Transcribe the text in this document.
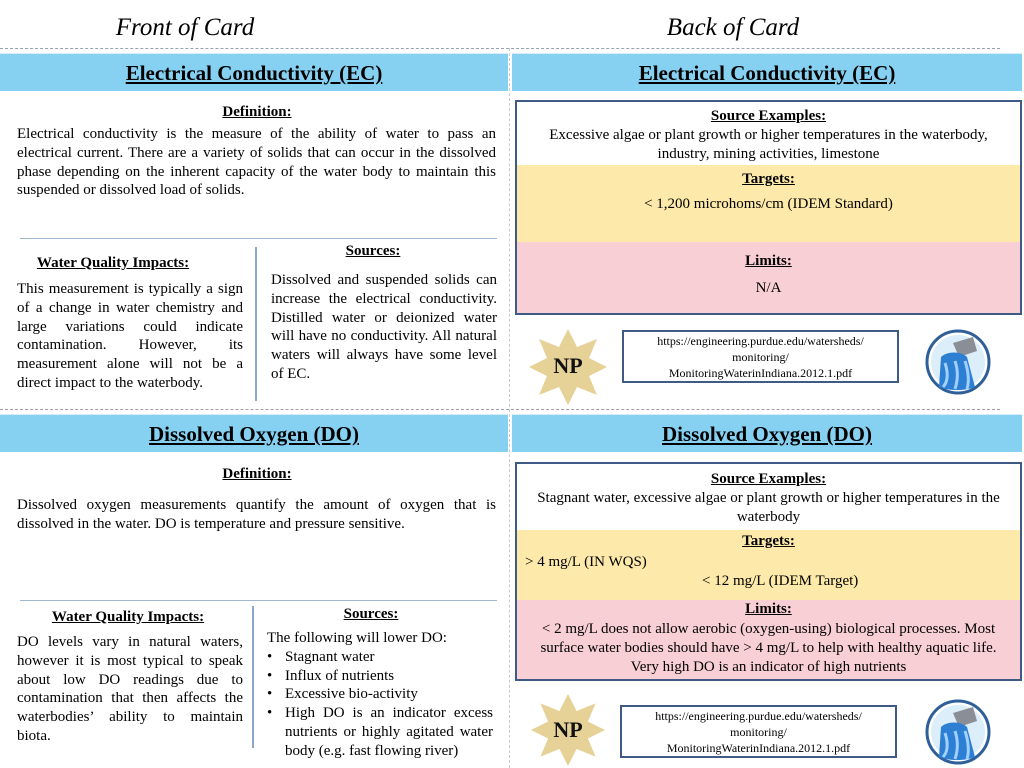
Front of Card	Back of Card
Electrical Conductivity (EC)	Electrical Conductivity (EC)
Definition:
Electrical conductivity is the measure of the ability of water to pass an electrical current. There are a variety of solids that can occur in the dissolved phase depending on the inherent capacity of the water body to maintain this suspended or dissolved load of solids.
Water Quality Impacts:
This measurement is typically a sign of a change in water chemistry and large variations could indicate contamination. However, its measurement alone will not be a direct impact to the waterbody.
Sources:
Dissolved and suspended solids can increase the electrical conductivity. Distilled water or deionized water will have no conductivity. All natural waters will always have some level of EC.
Source Examples:
Excessive algae or plant growth or higher temperatures in the waterbody, industry, mining activities, limestone
Targets:
< 1,200 microhoms/cm (IDEM Standard)
Limits:
N/A
NP
https://engineering.purdue.edu/watersheds/
monitoring/
MonitoringWaterinIndiana.2012.1.pdf
Dissolved Oxygen (DO)	Dissolved Oxygen (DO)
Definition:
Dissolved oxygen measurements quantify the amount of oxygen that is dissolved in the water. DO is temperature and pressure sensitive.
Water Quality Impacts:
DO levels vary in natural waters, however it is most typical to speak about low DO readings due to contamination that then affects the waterbodies’ ability to maintain biota.
Sources:
The following will lower DO:
• Stagnant water
• Influx of nutrients
• Excessive bio-activity
• High DO is an indicator excess nutrients or highly agitated water body (e.g. fast flowing river)
Source Examples:
Stagnant water, excessive algae or plant growth or higher temperatures in the waterbody
Targets:
> 4 mg/L (IN WQS)
< 12 mg/L (IDEM Target)
Limits:
< 2 mg/L does not allow aerobic (oxygen-using) biological processes. Most surface water bodies should have > 4 mg/L to help with healthy aquatic life. Very high DO is an indicator of high nutrients
NP
https://engineering.purdue.edu/watersheds/
monitoring/
MonitoringWaterinIndiana.2012.1.pdf
